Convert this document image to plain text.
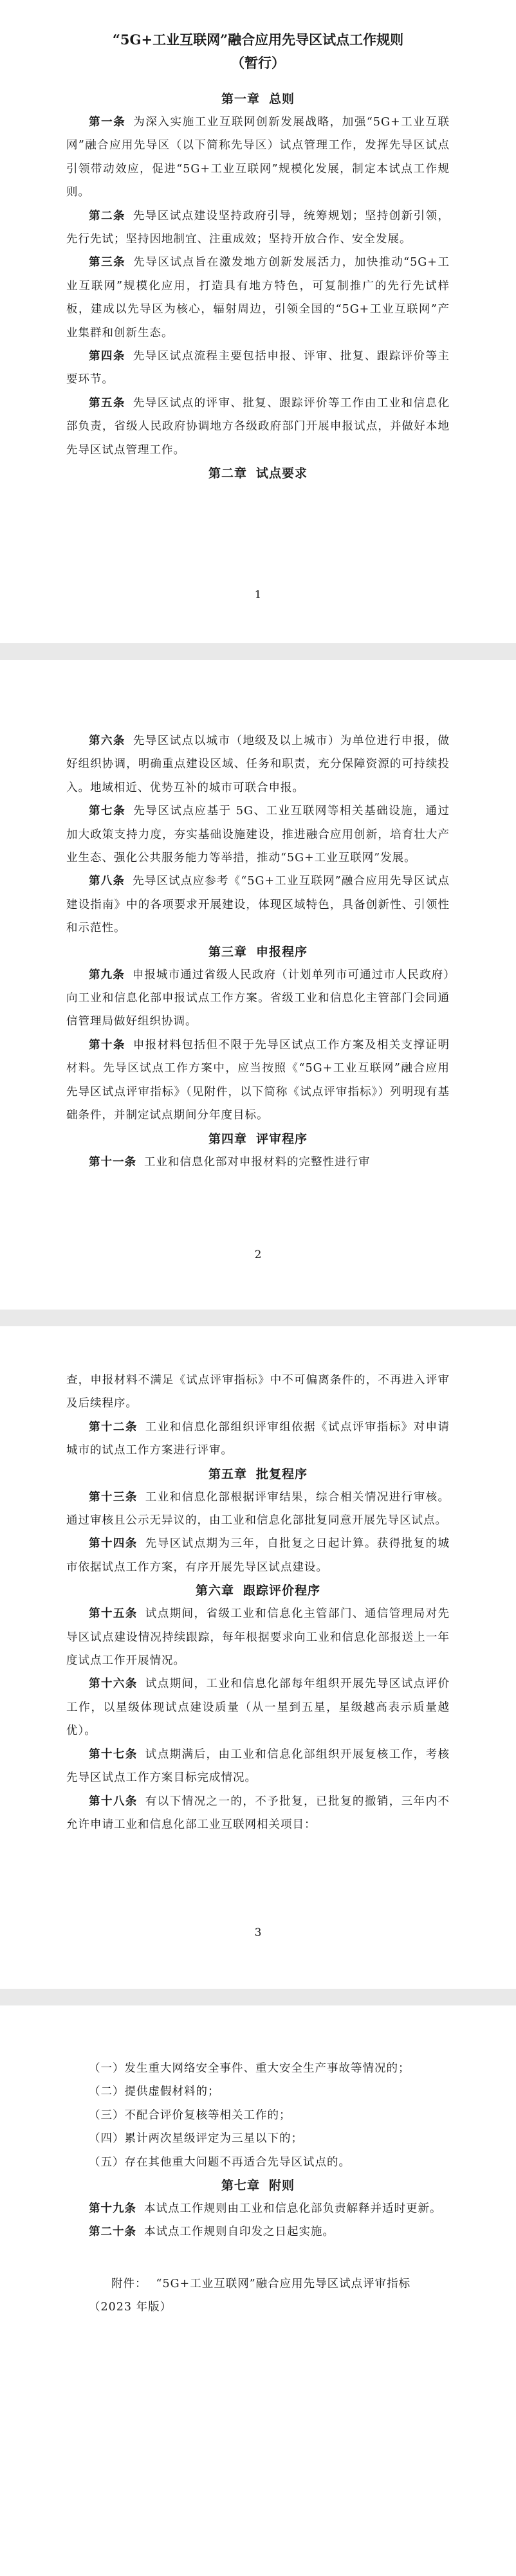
“5G+工业互联网”融合应用先导区试点工作规则
（暂行）
第一章 总则

第一条 为深入实施工业互联网创新发展战略，加强“5G+工业互联网”融合应用先导区（以下简称先导区）试点管理工作，发挥先导区试点引领带动效应，促进“5G+工业互联网”规模化发展，制定本试点工作规则。

第二条 先导区试点建设坚持政府引导，统筹规划；坚持创新引领，先行先试；坚持因地制宜、注重成效；坚持开放合作、安全发展。

第三条 先导区试点旨在激发地方创新发展活力，加快推动“5G+工业互联网”规模化应用，打造具有地方特色，可复制推广的先行先试样板，建成以先导区为核心，辐射周边，引领全国的“5G+工业互联网”产业集群和创新生态。

第四条 先导区试点流程主要包括申报、评审、批复、跟踪评价等主要环节。

第五条 先导区试点的评审、批复、跟踪评价等工作由工业和信息化部负责，省级人民政府协调地方各级政府部门开展申报试点，并做好本地先导区试点管理工作。

第二章 试点要求
1

第六条 先导区试点以城市（地级及以上城市）为单位进行申报，做好组织协调，明确重点建设区域、任务和职责，充分保障资源的可持续投入。地域相近、优势互补的城市可联合申报。

第七条 先导区试点应基于 5G、工业互联网等相关基础设施，通过加大政策支持力度，夯实基础设施建设，推进融合应用创新，培育壮大产业生态、强化公共服务能力等举措，推动“5G+工业互联网”发展。

第八条 先导区试点应参考《“5G+工业互联网”融合应用先导区试点建设指南》中的各项要求开展建设，体现区域特色，具备创新性、引领性和示范性。

第三章 申报程序

第九条 申报城市通过省级人民政府（计划单列市可通过市人民政府）向工业和信息化部申报试点工作方案。省级工业和信息化主管部门会同通信管理局做好组织协调。

第十条 申报材料包括但不限于先导区试点工作方案及相关支撑证明材料。先导区试点工作方案中，应当按照《“5G+工业互联网”融合应用先导区试点评审指标》（见附件，以下简称《试点评审指标》）列明现有基础条件，并制定试点期间分年度目标。

第四章 评审程序

第十一条 工业和信息化部对申报材料的完整性进行审

2

查，申报材料不满足《试点评审指标》中不可偏离条件的，不再进入评审及后续程序。

第十二条 工业和信息化部组织评审组依据《试点评审指标》对申请城市的试点工作方案进行评审。

第五章 批复程序

第十三条 工业和信息化部根据评审结果，综合相关情况进行审核。通过审核且公示无异议的，由工业和信息化部批复同意开展先导区试点。

第十四条 先导区试点期为三年，自批复之日起计算。获得批复的城市依据试点工作方案，有序开展先导区试点建设。

第六章 跟踪评价程序

第十五条 试点期间，省级工业和信息化主管部门、通信管理局对先导区试点建设情况持续跟踪，每年根据要求向工业和信息化部报送上一年度试点工作开展情况。

第十六条 试点期间，工业和信息化部每年组织开展先导区试点评价工作，以星级体现试点建设质量（从一星到五星，星级越高表示质量越优）。

第十七条 试点期满后，由工业和信息化部组织开展复核工作，考核先导区试点工作方案目标完成情况。

第十八条 有以下情况之一的，不予批复，已批复的撤销，三年内不允许申请工业和信息化部工业互联网相关项目：

3

（一）发生重大网络安全事件、重大安全生产事故等情况的；

（二）提供虚假材料的；

（三）不配合评价复核等相关工作的；

（四）累计两次星级评定为三星以下的；

（五）存在其他重大问题不再适合先导区试点的。

第七章 附则

第十九条 本试点工作规则由工业和信息化部负责解释并适时更新。

第二十条 本试点工作规则自印发之日起实施。

附件： “5G+工业互联网”融合应用先导区试点评审指标（2023 年版）
